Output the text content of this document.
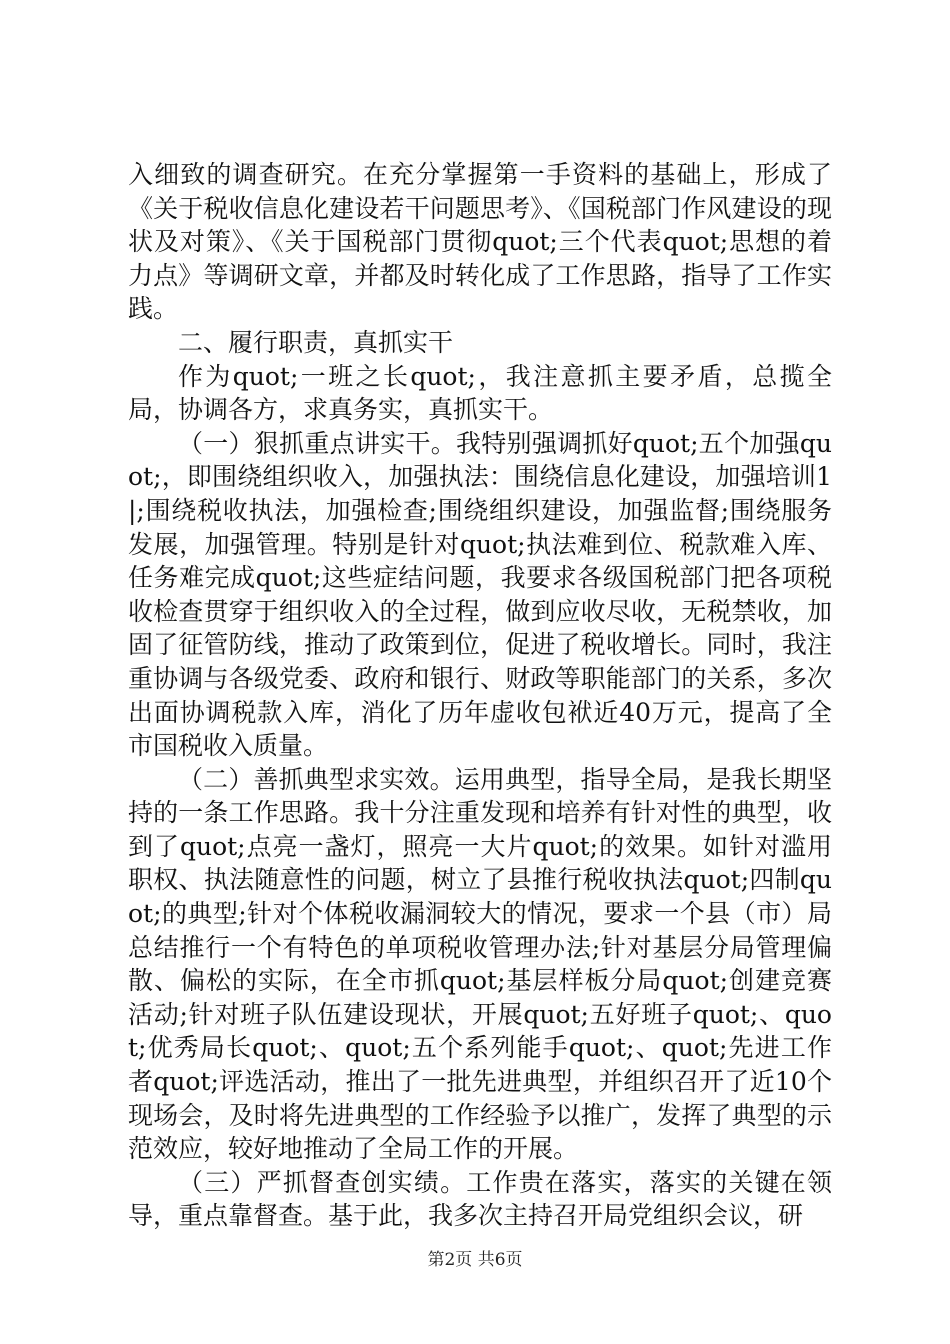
入细致的调查研究。在充分掌握第一手资料的基础上，形成了《关于税收信息化建设若干问题思考》、《国税部门作风建设的现状及对策》、《关于国税部门贯彻quot;三个代表quot;思想的着力点》等调研文章，并都及时转化成了工作思路，指导了工作实践。

二、履行职责，真抓实干

作为quot;一班之长quot;，我注意抓主要矛盾，总揽全局，协调各方，求真务实，真抓实干。

（一）狠抓重点讲实干。我特别强调抓好quot;五个加强quot;，即围绕组织收入，加强执法：围绕信息化建设，加强培训1|;围绕税收执法，加强检查;围绕组织建设，加强监督;围绕服务发展，加强管理。特别是针对quot;执法难到位、税款难入库、任务难完成quot;这些症结问题，我要求各级国税部门把各项税收检查贯穿于组织收入的全过程，做到应收尽收，无税禁收，加固了征管防线，推动了政策到位，促进了税收增长。同时，我注重协调与各级党委、政府和银行、财政等职能部门的关系，多次出面协调税款入库，消化了历年虚收包袱近40万元，提高了全市国税收入质量。

（二）善抓典型求实效。运用典型，指导全局，是我长期坚持的一条工作思路。我十分注重发现和培养有针对性的典型，收到了quot;点亮一盏灯，照亮一大片quot;的效果。如针对滥用职权、执法随意性的问题，树立了县推行税收执法quot;四制quot;的典型;针对个体税收漏洞较大的情况，要求一个县（市）局总结推行一个有特色的单项税收管理办法;针对基层分局管理偏散、偏松的实际，在全市抓quot;基层样板分局quot;创建竞赛活动;针对班子队伍建设现状，开展quot;五好班子quot;、quot;优秀局长quot;、quot;五个系列能手quot;、quot;先进工作者quot;评选活动，推出了一批先进典型，并组织召开了近10个现场会，及时将先进典型的工作经验予以推广，发挥了典型的示范效应，较好地推动了全局工作的开展。

（三）严抓督查创实绩。工作贵在落实，落实的关键在领导，重点靠督查。基于此，我多次主持召开局党组织会议，研

第2页 共6页
